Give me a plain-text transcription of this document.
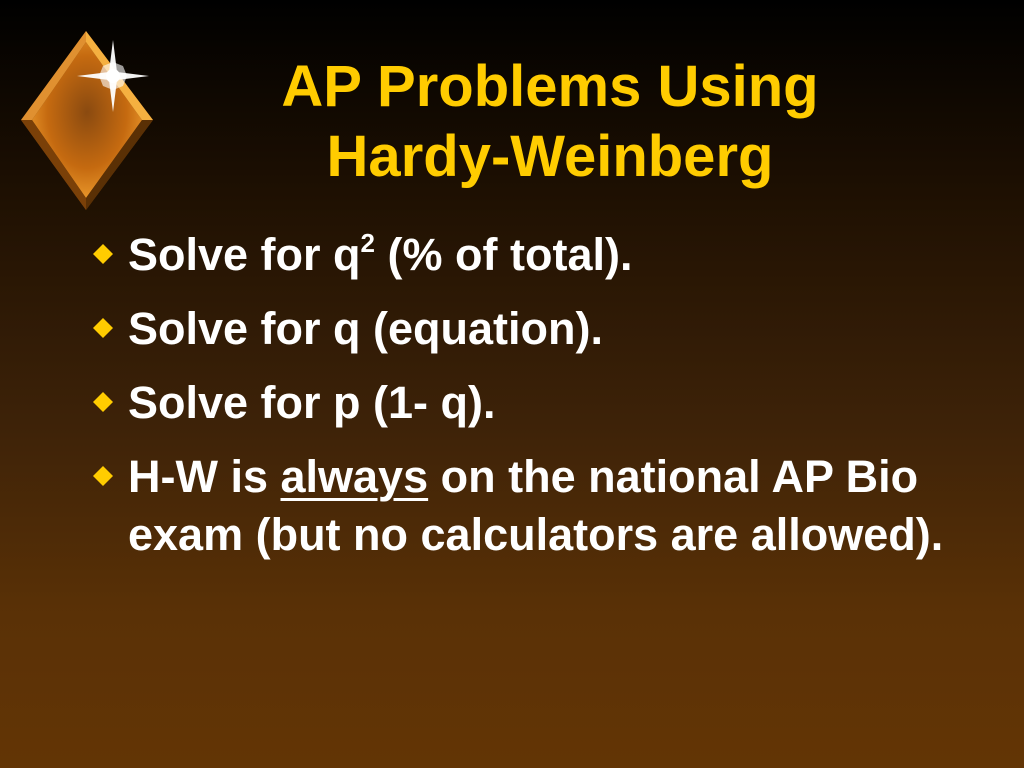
AP Problems Using
Hardy-Weinberg
Solve for $q^2$ (% of total).
Solve for q (equation).
Solve for p (1- q).
H-W is always on the national AP Bio exam (but no calculators are allowed).
